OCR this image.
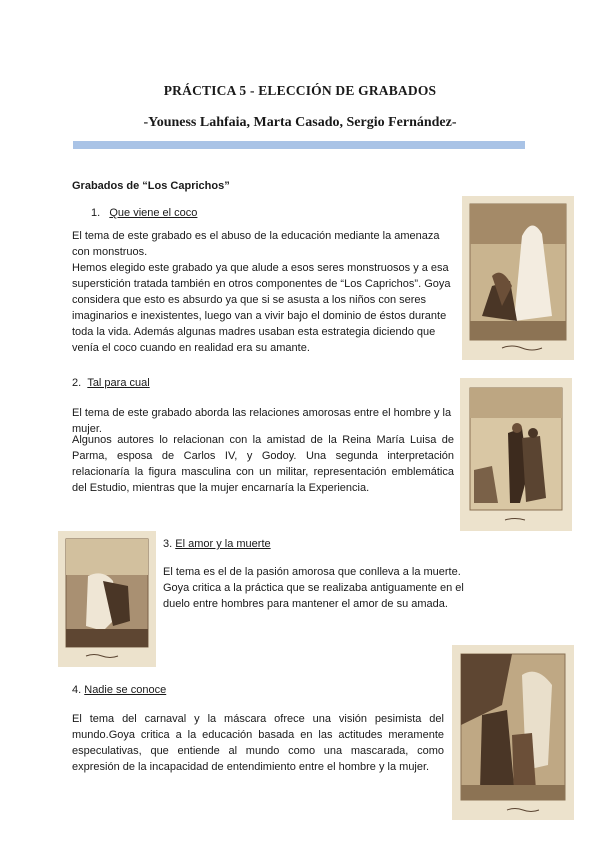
PRÁCTICA 5 - ELECCIÓN DE GRABADOS
-Youness Lahfaia, Marta Casado, Sergio Fernández-
Grabados de “Los Caprichos”
1. Que viene el coco

El tema de este grabado es el abuso de la educación mediante la amenaza con monstruos.

Hemos elegido este grabado ya que alude a esos seres monstruosos y a esa superstición tratada también en otros componentes de “Los Caprichos”. Goya considera que esto es absurdo ya que si se asusta a los niños con seres imaginarios e inexistentes, luego van a vivir bajo el dominio de éstos durante toda la vida. Además algunas madres usaban esta estrategia diciendo que venía el coco cuando en realidad era su amante.

2. Tal para cual

El tema de este grabado aborda las relaciones amorosas entre el hombre y la mujer.

Algunos autores lo relacionan con la amistad de la Reina María Luisa de Parma, esposa de Carlos IV, y Godoy. Una segunda interpretación relacionaría la figura masculina con un militar, representación emblemática del Estudio, mientras que la mujer encarnaría la Experiencia.

3. El amor y la muerte

El tema es el de la pasión amorosa que conlleva a la muerte. Goya critica a la práctica que se realizaba antiguamente en el duelo entre hombres para mantener el amor de su amada.

4. Nadie se conoce

El tema del carnaval y la máscara ofrece una visión pesimista del mundo.Goya critica a la educación basada en las actitudes meramente especulativas, que entiende al mundo como una mascarada, como expresión de la incapacidad de entendimiento entre el hombre y la mujer.
